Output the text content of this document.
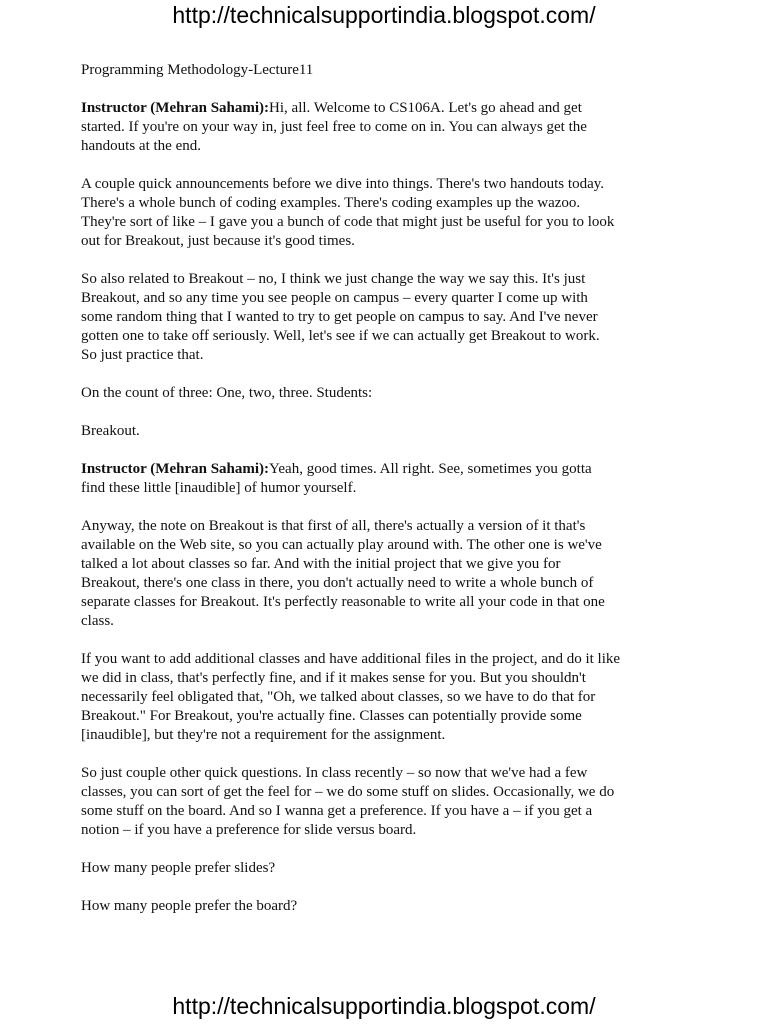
http://technicalsupportindia.blogspot.com/
Programming Methodology-Lecture11
Instructor (Mehran Sahami):Hi, all. Welcome to CS106A. Let's go ahead and get
started. If you're on your way in, just feel free to come on in. You can always get the
handouts at the end.
A couple quick announcements before we dive into things. There's two handouts today.
There's a whole bunch of coding examples. There's coding examples up the wazoo.
They're sort of like – I gave you a bunch of code that might just be useful for you to look
out for Breakout, just because it's good times.
So also related to Breakout – no, I think we just change the way we say this. It's just
Breakout, and so any time you see people on campus – every quarter I come up with
some random thing that I wanted to try to get people on campus to say. And I've never
gotten one to take off seriously. Well, let's see if we can actually get Breakout to work.
So just practice that.
On the count of three: One, two, three. Students:
Breakout.
Instructor (Mehran Sahami):Yeah, good times. All right. See, sometimes you gotta
find these little [inaudible] of humor yourself.
Anyway, the note on Breakout is that first of all, there's actually a version of it that's
available on the Web site, so you can actually play around with. The other one is we've
talked a lot about classes so far. And with the initial project that we give you for
Breakout, there's one class in there, you don't actually need to write a whole bunch of
separate classes for Breakout. It's perfectly reasonable to write all your code in that one
class.
If you want to add additional classes and have additional files in the project, and do it like
we did in class, that's perfectly fine, and if it makes sense for you. But you shouldn't
necessarily feel obligated that, "Oh, we talked about classes, so we have to do that for
Breakout." For Breakout, you're actually fine. Classes can potentially provide some
[inaudible], but they're not a requirement for the assignment.
So just couple other quick questions. In class recently – so now that we've had a few
classes, you can sort of get the feel for – we do some stuff on slides. Occasionally, we do
some stuff on the board. And so I wanna get a preference. If you have a – if you get a
notion – if you have a preference for slide versus board.
How many people prefer slides?
How many people prefer the board?
http://technicalsupportindia.blogspot.com/
